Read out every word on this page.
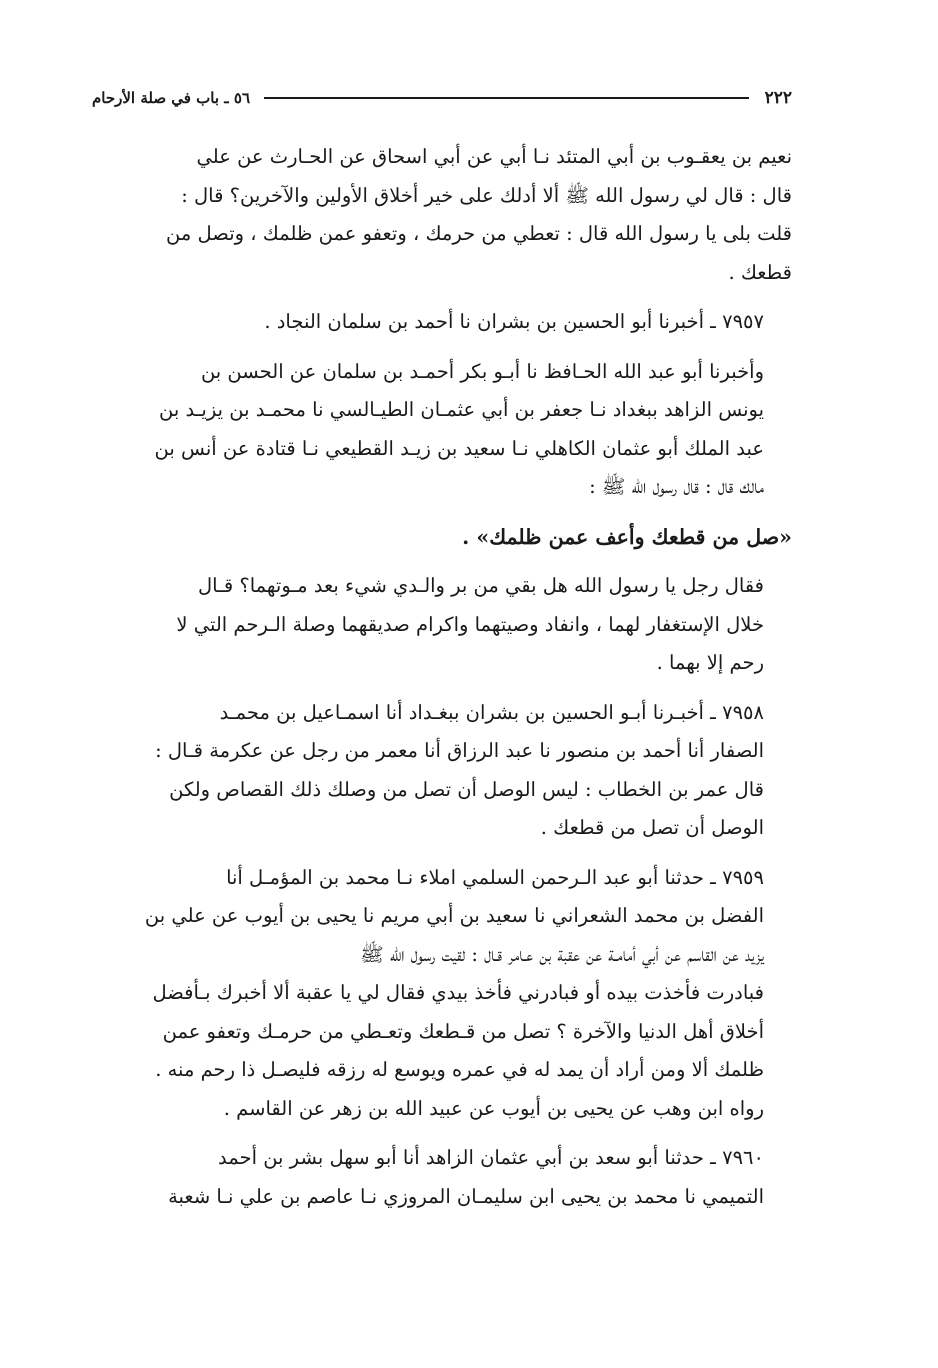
٢٢٢
٥٦ ـ باب في صلة الأرحام

نعيم بن يعقـوب بن أبي المتئد نـا أبي عن أبي اسحاق عن الحـارث عن علي
قال : قال لي رسول الله ﷺ ألا أدلك على خير أخلاق الأولين والآخرين؟ قال :
قلت بلى يا رسول الله قال : تعطي من حرمك ، وتعفو عمن ظلمك ، وتصل من
قطعك .

٧٩٥٧ ـ أخبرنا أبو الحسين بن بشران نا أحمد بن سلمان النجاد .

وأخبرنا أبو عبد الله الحـافظ نا أبـو بكر أحمـد بن سلمان عن الحسن بن
يونس الزاهد ببغداد نـا جعفر بن أبي عثمـان الطيـالسي نا محمـد بن يزيـد بن
عبد الملك أبو عثمان الكاهلي نـا سعيد بن زيـد القطيعي نـا قتادة عن أنس بن
مالك قال : قال رسول الله ﷺ :

«صل من قطعك وأعف عمن ظلمك» .

فقال رجل يا رسول الله هل بقي من بر والـدي شيء بعد مـوتهما؟ قـال
خلال الإستغفار لهما ، وانفاد وصيتهما واكرام صديقهما وصلة الـرحم التي لا
رحم إلا بهما .

٧٩٥٨ ـ أخبـرنا أبـو الحسين بن بشران ببغـداد أنا اسمـاعيل بن محمـد
الصفار أنا أحمد بن منصور نا عبد الرزاق أنا معمر من رجل عن عكرمة قـال :
قال عمر بن الخطاب : ليس الوصل أن تصل من وصلك ذلك القصاص ولكن
الوصل أن تصل من قطعك .

٧٩٥٩ ـ حدثنا أبو عبد الـرحمن السلمي املاء نـا محمد بن المؤمـل أنا
الفضل بن محمد الشعراني نا سعيد بن أبي مريم نا يحيى بن أيوب عن علي بن
يزيد عن القاسم عن أبي أمامـة عن عقبة بن عـامر قـال : لقيت رسول الله ﷺ
فبادرت فأخذت بيده أو فبادرني فأخذ بيدي فقال لي يا عقبة ألا أخبرك بـأفضل
أخلاق أهل الدنيا والآخرة ؟ تصل من قـطعك وتعـطي من حرمـك وتعفو عمن
ظلمك ألا ومن أراد أن يمد له في عمره ويوسع له رزقه فليصـل ذا رحم منه .
رواه ابن وهب عن يحيى بن أيوب عن عبيد الله بن زهر عن القاسم .

٧٩٦٠ ـ حدثنا أبو سعد بن أبي عثمان الزاهد أنا أبو سهل بشر بن أحمد
التميمي نا محمد بن يحيى ابن سليمـان المروزي نـا عاصم بن علي نـا شعبة
